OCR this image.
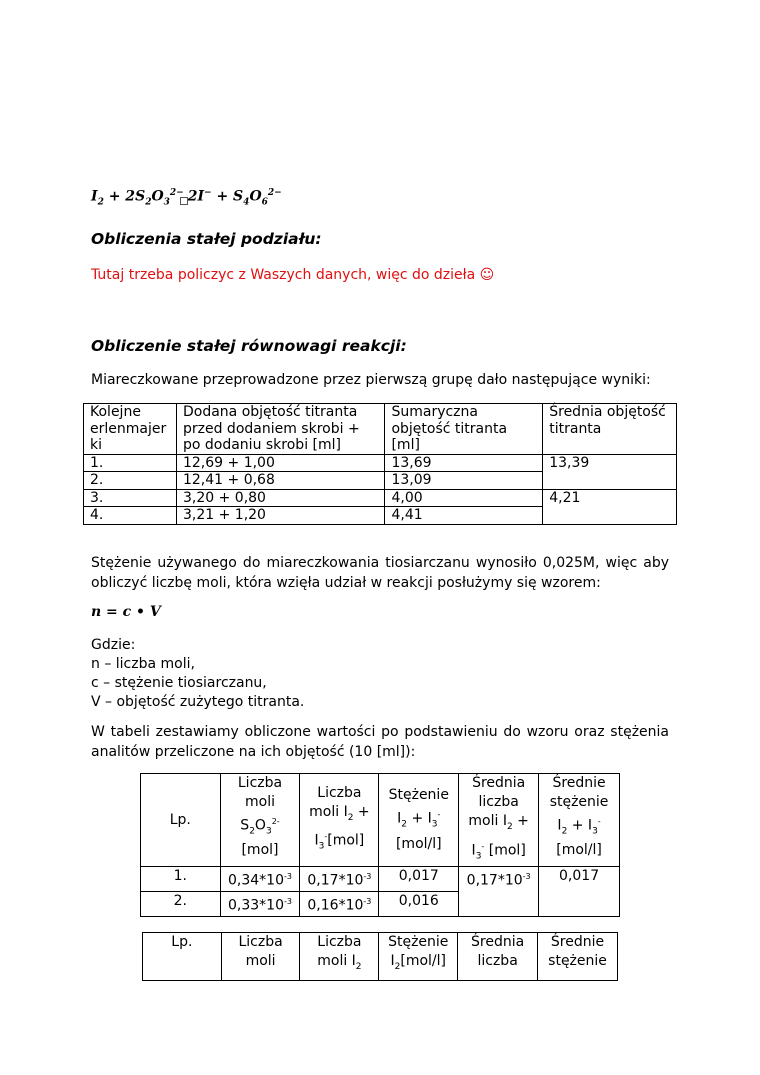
$I_2 + 2S_2O_3^{2-}$ $2I^- + S_4O_6^{2-}$
Obliczenia stałej podziału:
Tutaj trzeba policzyc z Waszych danych, więc do dzieła ☺
Obliczenie stałej równowagi reakcji:
Miareczkowane przeprowadzone przez pierwszą grupę dało następujące wyniki:
Kolejne
erlenmajer
ki	Dodana objętość titranta
przed dodaniem skrobi +
po dodaniu skrobi [ml]	Sumaryczna
objętość titranta
[ml]	Średnia objętość
titranta
1.	12,69 + 1,00	13,69	13,39
2.	12,41 + 0,68	13,09	
3.	3,20 + 0,80	4,00	4,21
4.	3,21 + 1,20	4,41	
Stężenie używanego do miareczkowania tiosiarczanu wynosiło 0,025M, więc aby obliczyć liczbę moli, która wzięła udział w reakcji posłużymy się wzorem:
n = c • V
Gdzie:
n – liczba moli,
c – stężenie tiosiarczanu,
V – objętość zużytego titranta.
W tabeli zestawiamy obliczone wartości po podstawieniu do wzoru oraz stężenia analitów przeliczone na ich objętość (10 [ml]):
Lp.	Liczba
moli
$S_2O_3^{2-}$
[mol]	Liczba
moli $I_2$ +
$I_3^-[mol]$	Stężenie
$I_2 + I_3^-$
[mol/l]	Średnia
liczba
moli $I_2$ +
$I_3^-$ [mol]	Średnie
stężenie
$I_2 + I_3^-$
[mol/l]
1.	$0,34*10^{-3}$	$0,17*10^{-3}$	0,017	$0,17*10^{-3}$	0,017
2.	$0,33*10^{-3}$	$0,16*10^{-3}$	0,016		
Lp.	Liczba
moli	Liczba
moli $I_2$	Stężenie
$I_2[mol/l]$	Średnia
liczba	Średnie
stężenie
